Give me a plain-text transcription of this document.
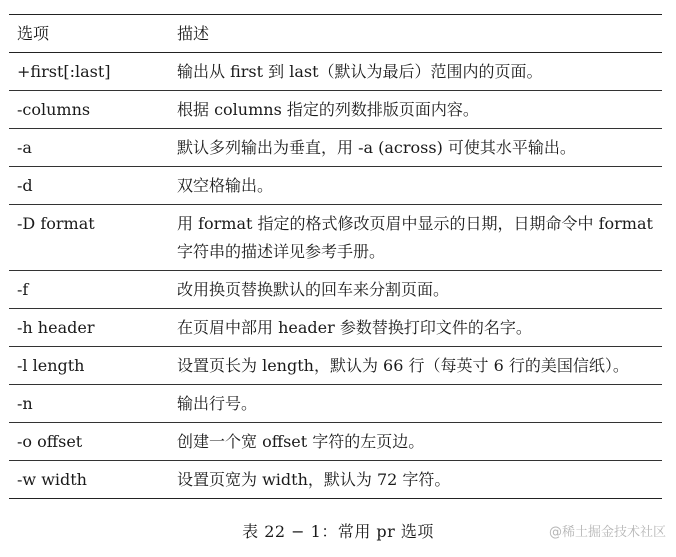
选项	描述
+first[:last]	输出从 first 到 last（默认为最后）范围内的页面。
-columns	根据 columns 指定的列数排版页面内容。
-a	默认多列输出为垂直，用 -a (across) 可使其水平输出。
-d	双空格输出。
-D format	用 format 指定的格式修改页眉中显示的日期，日期命令中 format 字符串的描述详见参考手册。
-f	改用换页替换默认的回车来分割页面。
-h header	在页眉中部用 header 参数替换打印文件的名字。
-l length	设置页长为 length，默认为 66 行（每英寸 6 行的美国信纸）。
-n	输出行号。
-o offset	创建一个宽 offset 字符的左页边。
-w width	设置页宽为 width，默认为 72 字符。
表 22 − 1：常用 pr 选项	@稀土掘金技术社区
